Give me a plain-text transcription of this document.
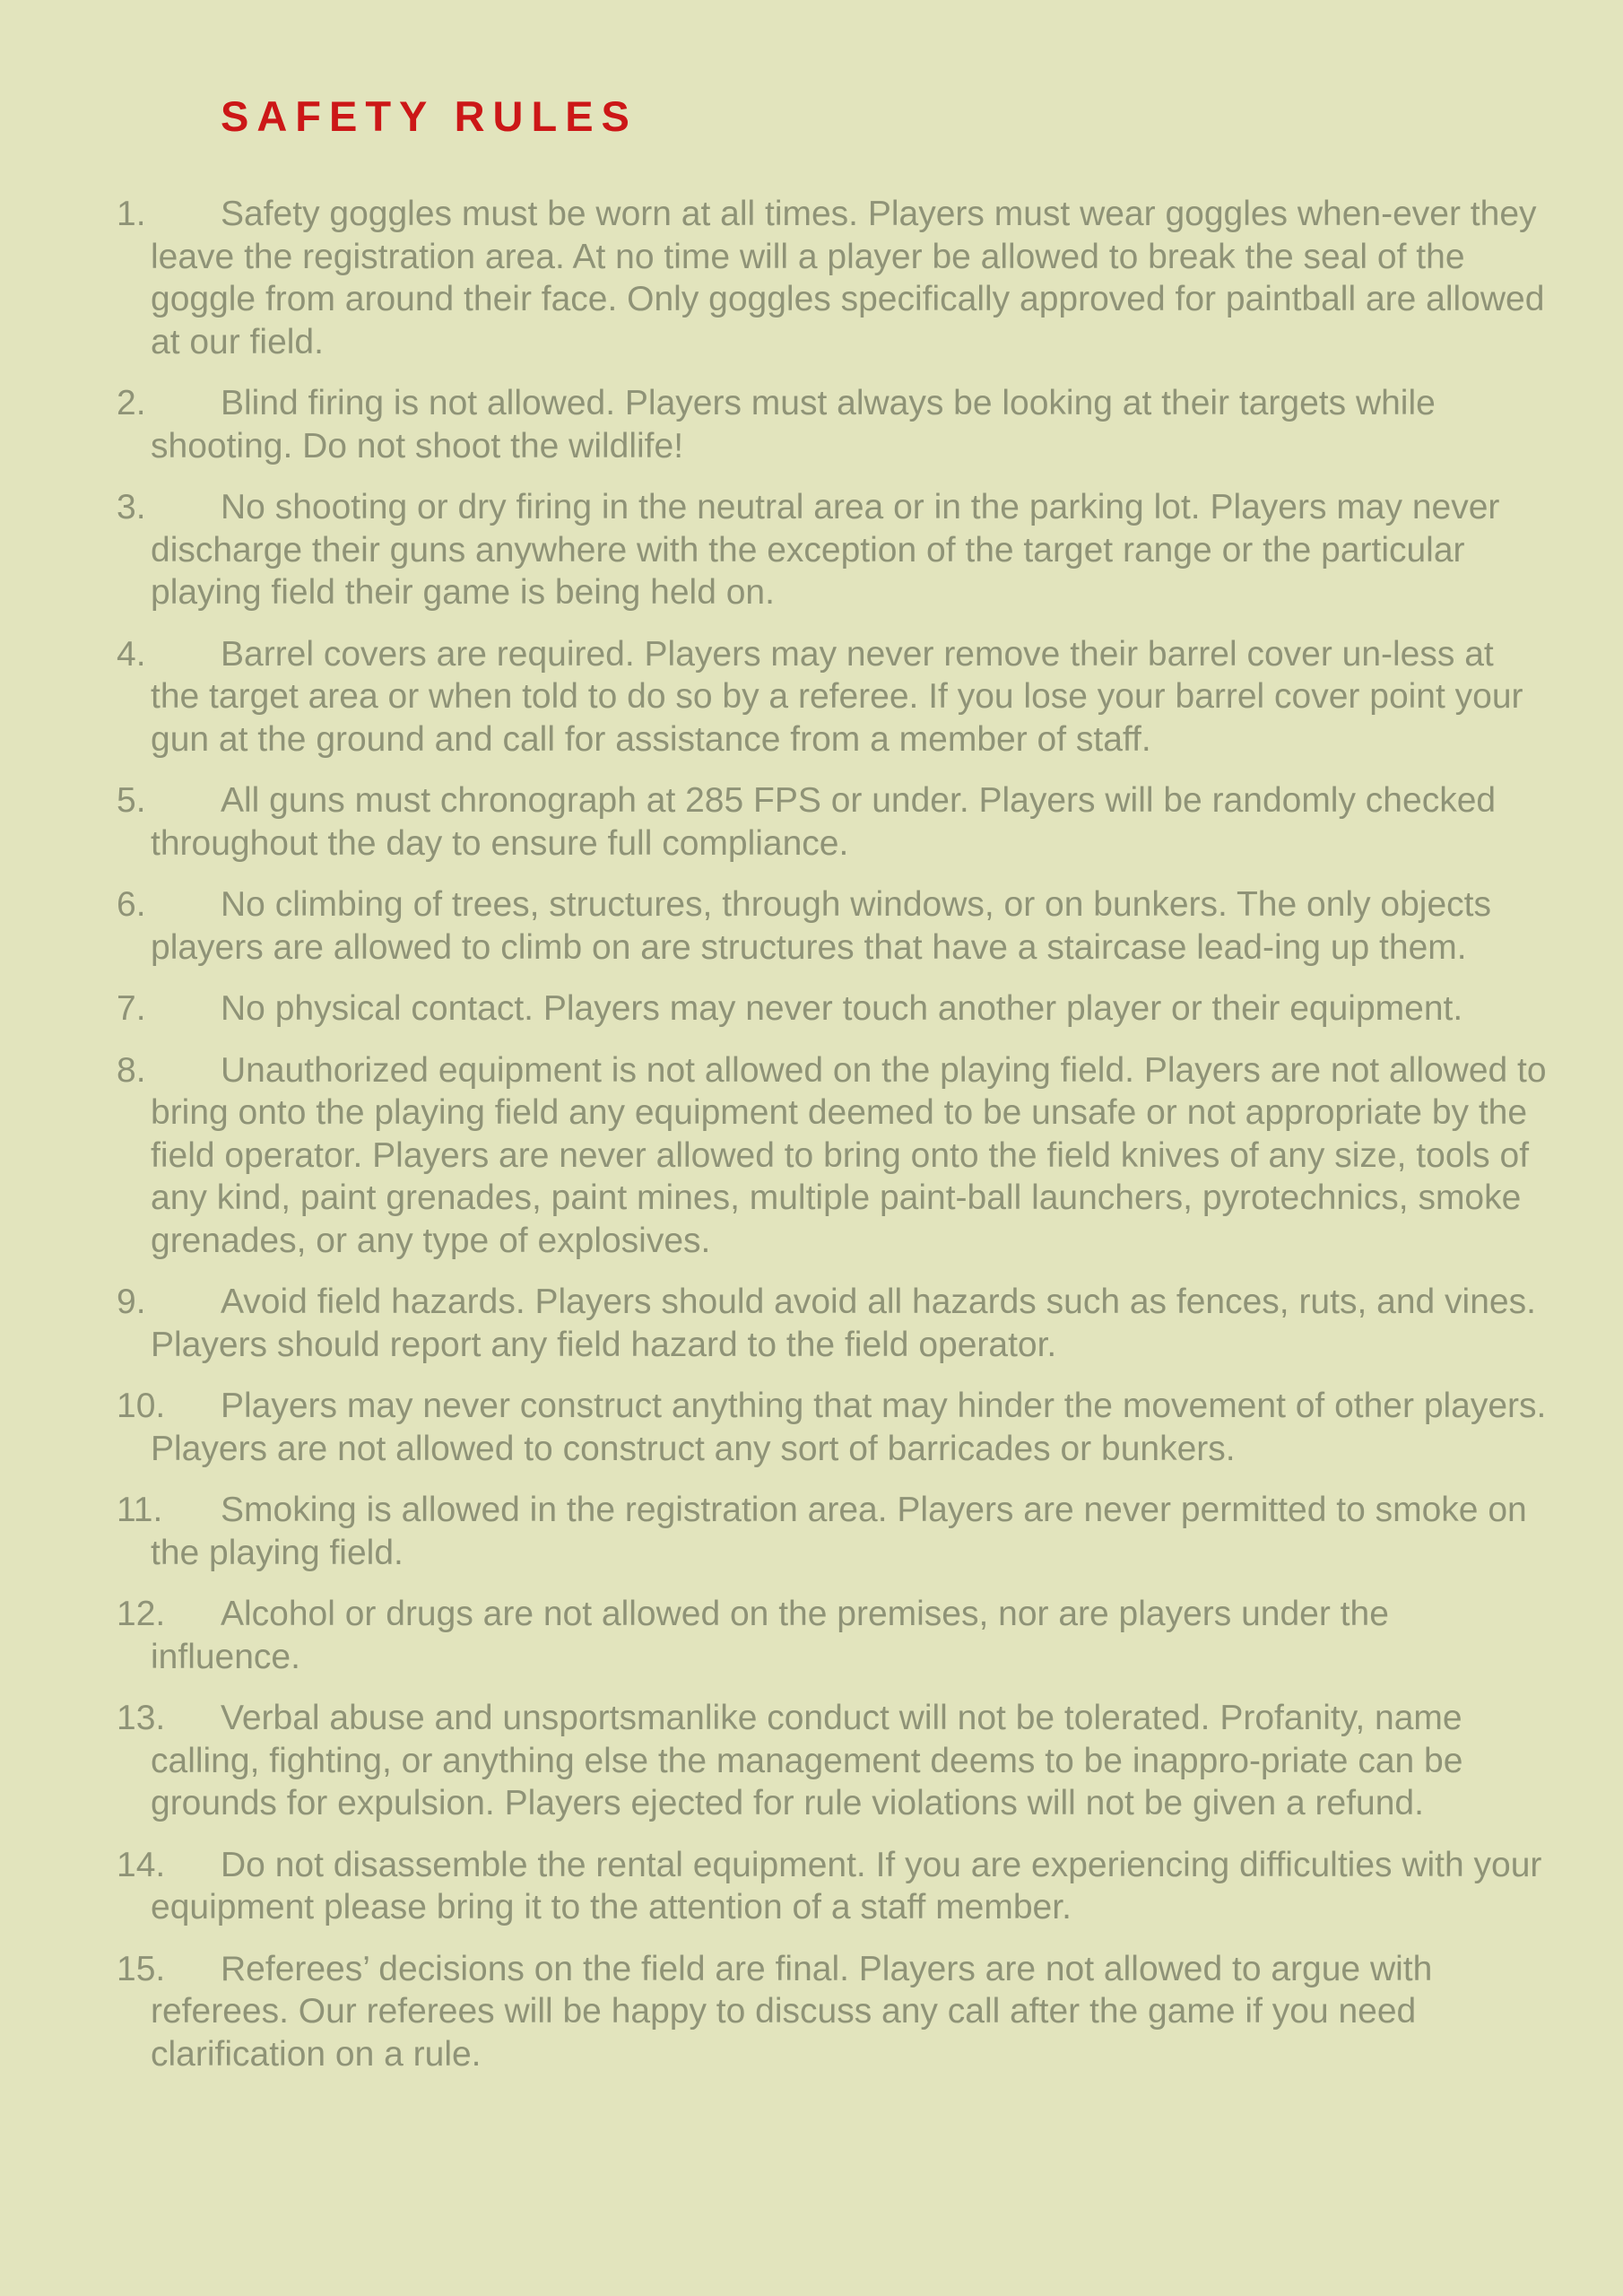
SAFETY RULES
1.	Safety goggles must be worn at all times. Players must wear goggles when-ever they leave the registration area. At no time will a player be allowed to break the seal of the goggle from around their face. Only goggles specifically approved for paintball are allowed at our field.
2.	Blind firing is not allowed. Players must always be looking at their targets while shooting. Do not shoot the wildlife!
3.	No shooting or dry firing in the neutral area or in the parking lot. Players may never discharge their guns anywhere with the exception of the target range or the particular playing field their game is being held on.
4.	Barrel covers are required. Players may never remove their barrel cover un-less at the target area or when told to do so by a referee. If you lose your barrel cover point your gun at the ground and call for assistance from a member of staff.
5.	All guns must chronograph at 285 FPS or under. Players will be randomly checked throughout the day to ensure full compliance.
6.	No climbing of trees, structures, through windows, or on bunkers. The only objects players are allowed to climb on are structures that have a staircase lead-ing up them.
7.	No physical contact. Players may never touch another player or their equipment.
8.	Unauthorized equipment is not allowed on the playing field. Players are not allowed to bring onto the playing field any equipment deemed to be unsafe or not appropriate by the field operator. Players are never allowed to bring onto the field knives of any size, tools of any kind, paint grenades, paint mines, multiple paint-ball launchers, pyrotechnics, smoke grenades, or any type of explosives.
9.	Avoid field hazards. Players should avoid all hazards such as fences, ruts, and vines. Players should report any field hazard to the field operator.
10.	Players may never construct anything that may hinder the movement of other players. Players are not allowed to construct any sort of barricades or bunkers.
11.	Smoking is allowed in the registration area. Players are never permitted to smoke on the playing field.
12.	Alcohol or drugs are not allowed on the premises, nor are players under the influence.
13.	Verbal abuse and unsportsmanlike conduct will not be tolerated. Profanity, name calling, fighting, or anything else the management deems to be inappro-priate can be grounds for expulsion. Players ejected for rule violations will not be given a refund.
14.	Do not disassemble the rental equipment. If you are experiencing difficulties with your equipment please bring it to the attention of a staff member.
15.	Referees’ decisions on the field are final. Players are not allowed to argue with referees. Our referees will be happy to discuss any call after the game if you need clarification on a rule.
